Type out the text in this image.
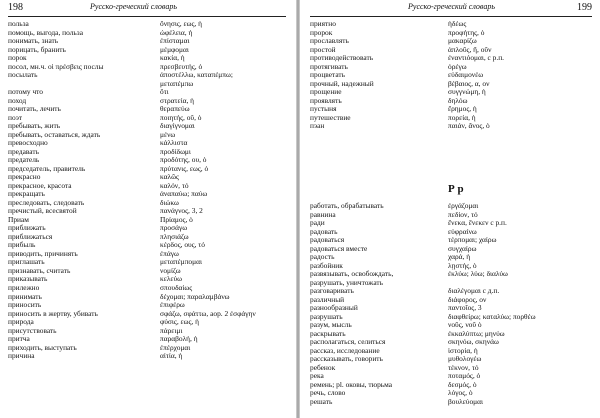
198	Русско-греческий словарь
польза	ὄνησις, εως, ἡ
помощь, выгода, польза	ὠφέλεια, ἡ
понимать, знать	ἐπίσταμαι
порицать, бранить	μέμφομαι
порок	κακία, ἡ
посол, мн.ч. οἱ πρέσβεις послы	πρεσβευτής, ὁ
посылать	ἀποστέλλω, καταπέμπω;
μεταπέμπω
потому что	ὅτι
поход	στρατεία, ἡ
почитать, лечить	θεραπεύω
поэт	ποιητής, οῦ, ὁ
пребывать, жить	διαγίγνομαι
пребывать, оставаться, ждать	μένω
превосходно	κάλλιστα
предавать	προδίδωμι
предатель	προδότης, ου, ὁ
председатель, правитель	πρύτανις, εως, ὁ
прекрасно	καλῶς
прекрасное, красота	καλόν, τό
прекращать	ἀναπαύω; παύω
преследовать, следовать	διώκω
пречистый, всесвятой	πανάγνος, 3, 2
Приам	Πρίαμος, ὁ
приближать	προσάγω
приближаться	πλησιάζω
прибыль	κέρδος, ους, τό
приводить, причинять	ἐπάγω
приглашать	μεταπέμπομαι
признавать, считать	νομίζω
приказывать	κελεύω
прилежно	σπουδαίως
принимать	δέχομαι; παραλαμβάνω
приносить	ἐπιφέρω
приносить в жертву, убивать	σφάζω, σφάττω, аор. 2 ἐσφάγην
природа	φύσις, εως, ἡ
присутствовать	πάρειμι
притча	παραβολή, ἡ
приходить, выступать	ἐπέρχομαι
причина	αἰτία, ἡ
Русско-греческий словарь	199
приятно	ἡδέως
пророк	προφήτης, ὁ
прославлять	μακαρίζω
простой	ἁπλοῦς, ῆ, οῦν
противодействовать	ἐναντιόομαι, с р.п.
протягивать	ὀρέγω
процветать	εὐδαιμονέω
прочный, надежный	βέβαιος, α, ον
прощение	συγγνώμη, ἡ
проявлять	δηλόω
пустыня	ἔρημος, ἡ
путешествие	πορεία, ἡ
пэан	παιάν, ᾶνος, ὁ
Р р
работать, обрабатывать	ἐργάζομαι
равнина	πεδίον, τό
ради	ἕνεκα, ἕνεκεν с р.п.
радовать	εὐφραίνω
радоваться	τέρπομαι; χαίρω
радоваться вместе	συγχαίρω
радость	χαρά, ἡ
разбойник	λῃστής, ὁ
развязывать, освобождать,	ἐκλύω; λύω; διαλύω
разрушать, уничтожать
разговаривать	διαλέγομαι с д.п.
различный	διάφορος, ον
разнообразный	παντοῖος, 3
разрушать	διαφθείρω; καταλύω; πορθέω
разум, мысль	νοῦς, νοῦ ὁ
раскрывать	ἐκκαλύπτω; μηνύω
располагаться, селиться	σκηνόω, σκηνάω
рассказ, исследование	ἱστορία, ἡ
рассказывать, говорить	μυθολογέω
ребенок	τέκνον, τό
река	ποταμός, ὁ
ремень; pl. оковы, тюрьма	δεσμός, ὁ
речь, слово	λόγος, ὁ
решать	βουλεύομαι
